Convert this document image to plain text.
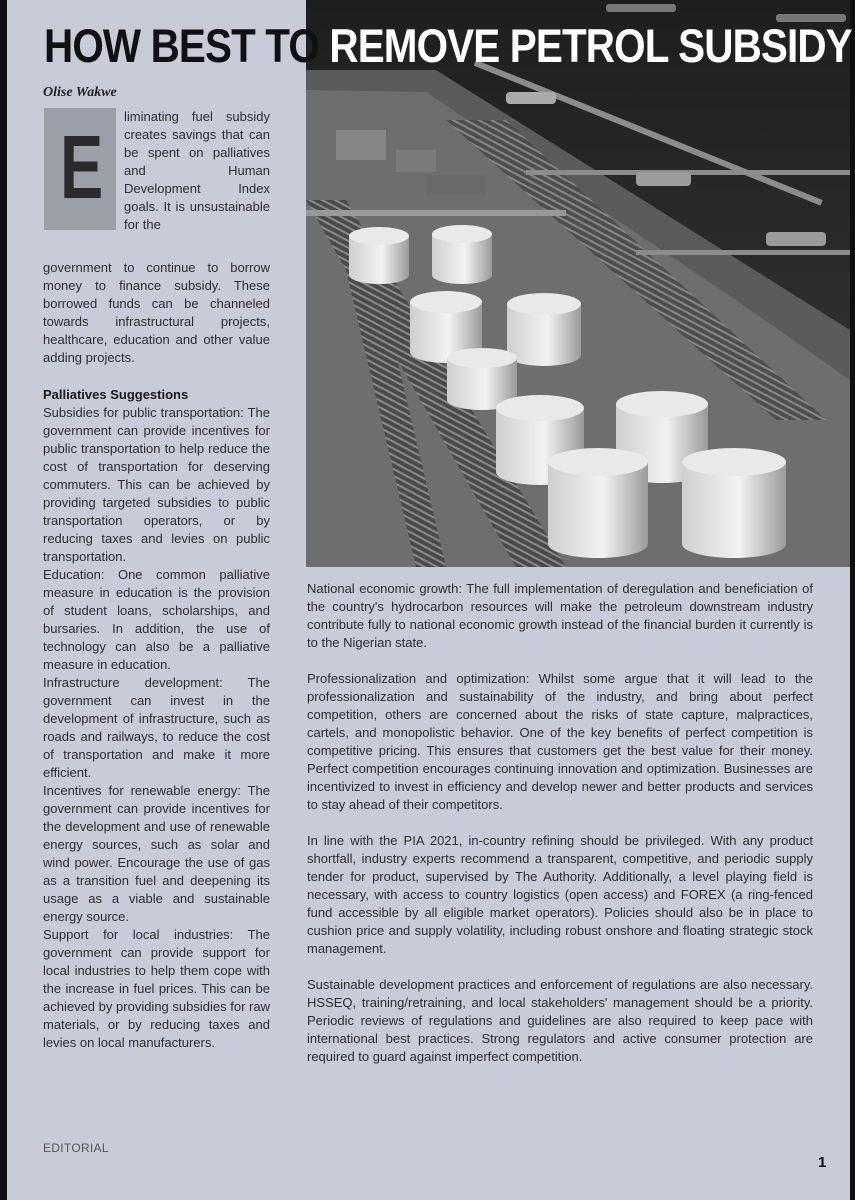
HOW BEST TO REMOVE PETROL SUBSIDY
Olise Wakwe
E

liminating fuel subsidy creates savings that can be spent on palliatives and Human Development Index goals. It is unsustainable for the

government to continue to borrow money to finance subsidy. These borrowed funds can be channeled towards infrastructural projects, healthcare, education and other value adding projects.

Palliatives Suggestions

Subsidies for public transportation: The government can provide incentives for public transportation to help reduce the cost of transportation for deserving commuters. This can be achieved by providing targeted subsidies to public transportation operators, or by reducing taxes and levies on public transportation.

Education: One common palliative measure in education is the provision of student loans, scholarships, and bursaries. In addition, the use of technology can also be a palliative measure in education.

Infrastructure development: The government can invest in the development of infrastructure, such as roads and railways, to reduce the cost of transportation and make it more efficient.

Incentives for renewable energy: The government can provide incentives for the development and use of renewable energy sources, such as solar and wind power. Encourage the use of gas as a transition fuel and deepening its usage as a viable and sustainable energy source.

Support for local industries: The government can provide support for local industries to help them cope with the increase in fuel prices. This can be achieved by providing subsidies for raw materials, or by reducing taxes and levies on local manufacturers.

National economic growth: The full implementation of deregulation and beneficiation of the country's hydrocarbon resources will make the petroleum downstream industry contribute fully to national economic growth instead of the financial burden it currently is to the Nigerian state.

Professionalization and optimization: Whilst some argue that it will lead to the professionalization and sustainability of the industry, and bring about perfect competition, others are concerned about the risks of state capture, malpractices, cartels, and monopolistic behavior. One of the key benefits of perfect competition is competitive pricing. This ensures that customers get the best value for their money. Perfect competition encourages continuing innovation and optimization. Businesses are incentivized to invest in efficiency and develop newer and better products and services to stay ahead of their competitors.

In line with the PIA 2021, in-country refining should be privileged. With any product shortfall, industry experts recommend a transparent, competitive, and periodic supply tender for product, supervised by The Authority. Additionally, a level playing field is necessary, with access to country logistics (open access) and FOREX (a ring-fenced fund accessible by all eligible market operators). Policies should also be in place to cushion price and supply volatility, including robust onshore and floating strategic stock management.

Sustainable development practices and enforcement of regulations are also necessary. HSSEQ, training/retraining, and local stakeholders' management should be a priority. Periodic reviews of regulations and guidelines are also required to keep pace with international best practices. Strong regulators and active consumer protection are required to guard against imperfect competition.

EDITORIAL
1
